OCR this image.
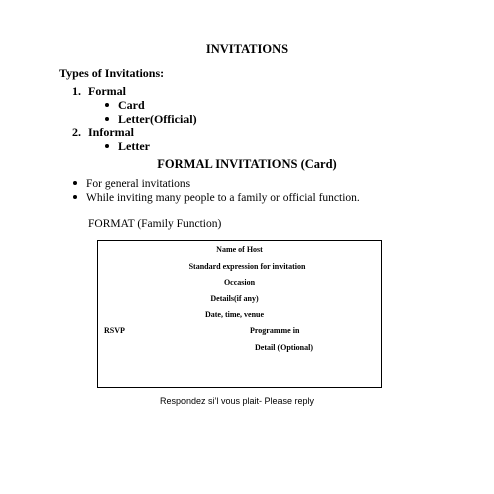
INVITATIONS
Types of Invitations:
1. Formal
Card
Letter(Official)
2. Informal
Letter
FORMAL INVITATIONS (Card)
For general invitations
While inviting many people to a family or official function.
FORMAT (Family Function)
Name of Host
Standard expression for invitation
Occasion
Details(if any)
Date, time, venue
RSVP	Programme in
Detail (Optional)
Respondez si’l vous plait- Please reply
